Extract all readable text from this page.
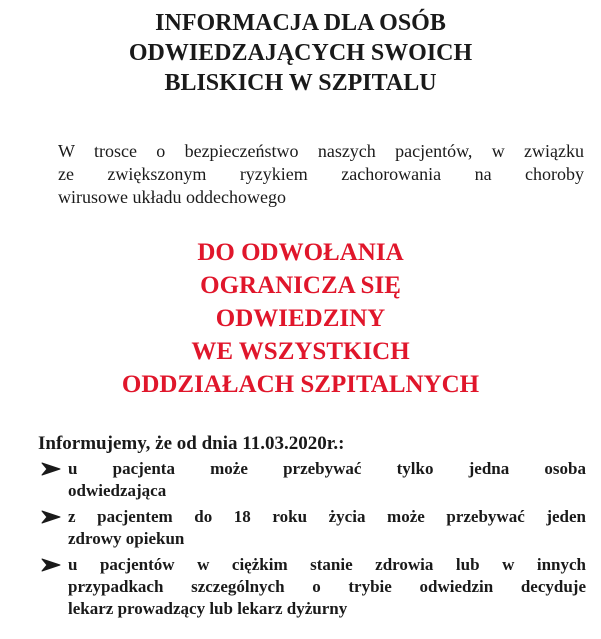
INFORMACJA DLA OSÓB
ODWIEDZAJĄCYCH SWOICH
BLISKICH W SZPITALU
W trosce o bezpieczeństwo naszych pacjentów, w związku
ze zwiększonym ryzykiem zachorowania na choroby
wirusowe układu oddechowego
DO ODWOŁANIA
OGRANICZA SIĘ
ODWIEDZINY
WE WSZYSTKICH
ODDZIAŁACH SZPITALNYCH
Informujemy, że od dnia 11.03.2020r.:
u pacjenta może przebywać tylko jedna osoba
odwiedzająca
z pacjentem do 18 roku życia może przebywać jeden
zdrowy opiekun
u pacjentów w ciężkim stanie zdrowia lub w innych
przypadkach szczególnych o trybie odwiedzin decyduje
lekarz prowadzący lub lekarz dyżurny
